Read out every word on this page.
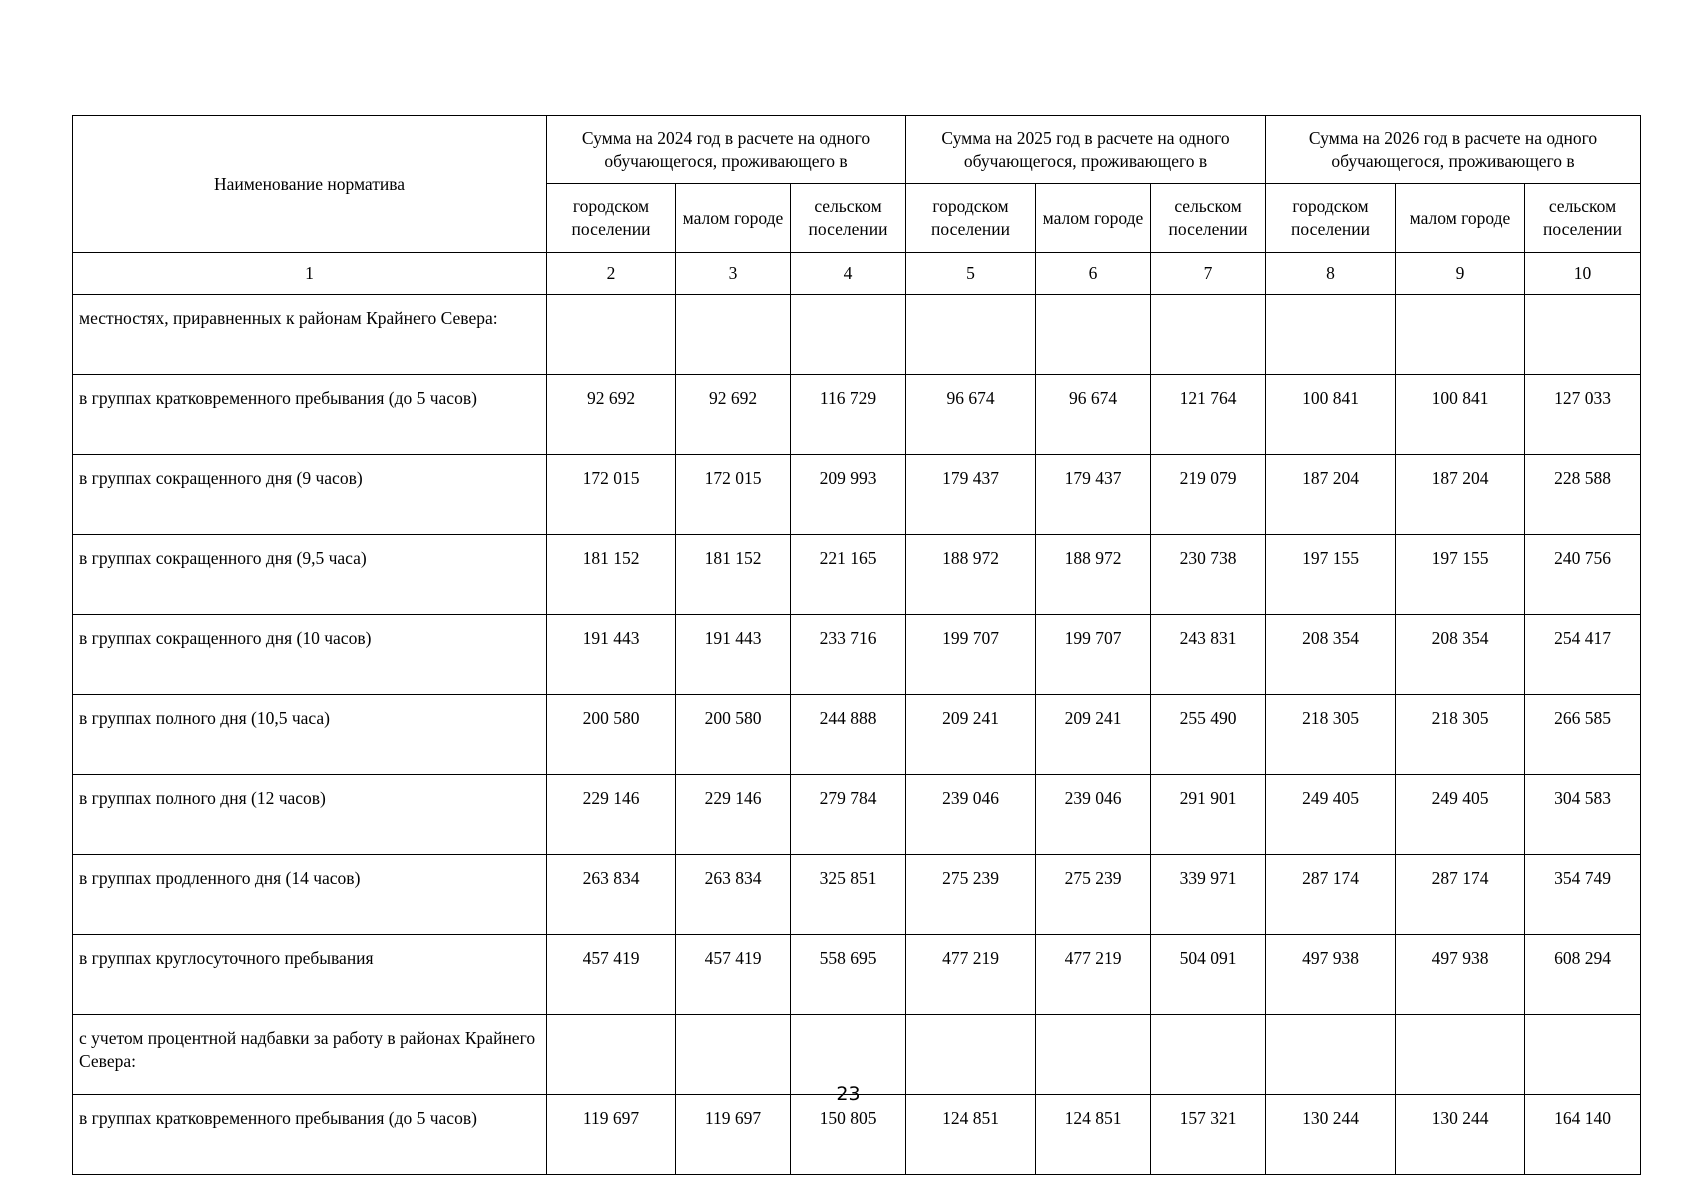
Наименование норматива	Сумма на 2024 год в расчете на одного обучающегося, проживающего в			Сумма на 2025 год в расчете на одного обучающегося, проживающего в			Сумма на 2026 год в расчете на одного обучающегося, проживающего в		
	городском поселении	малом городе	сельском поселении	городском поселении	малом городе	сельском поселении	городском поселении	малом городе	сельском поселении
1	2	3	4	5	6	7	8	9	10
местностях, приравненных к районам Крайнего Севера:									
в группах кратковременного пребывания (до 5 часов)	92 692	92 692	116 729	96 674	96 674	121 764	100 841	100 841	127 033
в группах сокращенного дня (9 часов)	172 015	172 015	209 993	179 437	179 437	219 079	187 204	187 204	228 588
в группах сокращенного дня (9,5 часа)	181 152	181 152	221 165	188 972	188 972	230 738	197 155	197 155	240 756
в группах сокращенного дня (10 часов)	191 443	191 443	233 716	199 707	199 707	243 831	208 354	208 354	254 417
в группах полного дня (10,5 часа)	200 580	200 580	244 888	209 241	209 241	255 490	218 305	218 305	266 585
в группах полного дня (12 часов)	229 146	229 146	279 784	239 046	239 046	291 901	249 405	249 405	304 583
в группах продленного дня (14 часов)	263 834	263 834	325 851	275 239	275 239	339 971	287 174	287 174	354 749
в группах круглосуточного пребывания	457 419	457 419	558 695	477 219	477 219	504 091	497 938	497 938	608 294
с учетом процентной надбавки за работу в районах Крайнего Севера:									
в группах кратковременного пребывания (до 5 часов)	119 697	119 697	150 805	124 851	124 851	157 321	130 244	130 244	164 140
23
